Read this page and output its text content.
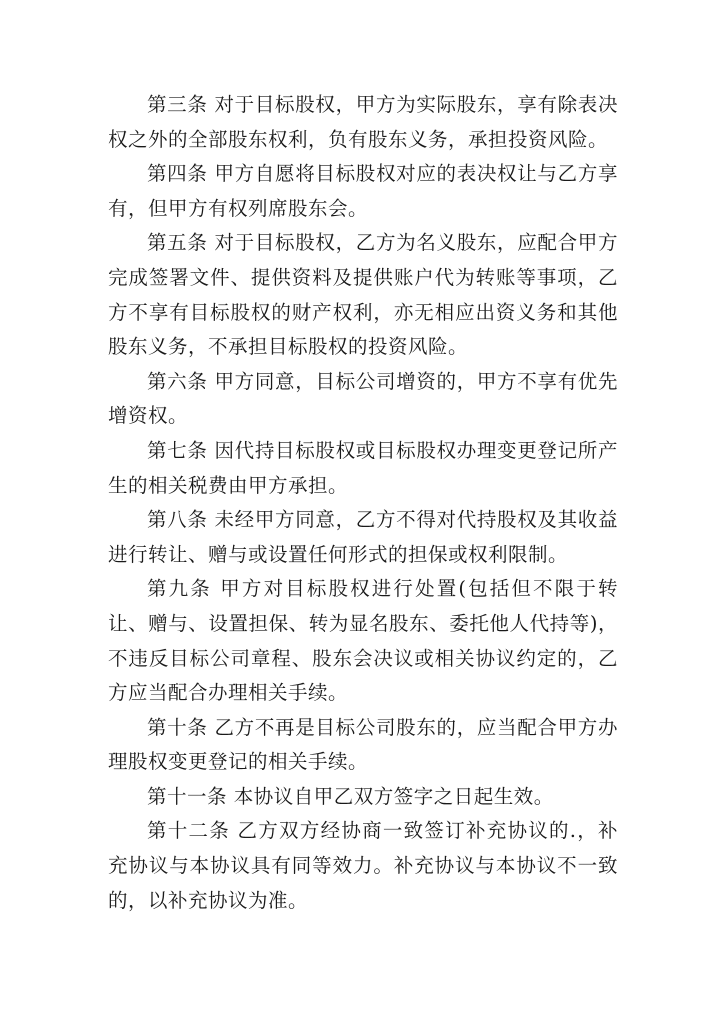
第三条 对于目标股权，甲方为实际股东，享有除表决权之外的全部股东权利，负有股东义务，承担投资风险。

第四条 甲方自愿将目标股权对应的表决权让与乙方享有，但甲方有权列席股东会。

第五条 对于目标股权，乙方为名义股东，应配合甲方完成签署文件、提供资料及提供账户代为转账等事项，乙方不享有目标股权的财产权利，亦无相应出资义务和其他股东义务，不承担目标股权的投资风险。

第六条 甲方同意，目标公司增资的，甲方不享有优先增资权。

第七条 因代持目标股权或目标股权办理变更登记所产生的相关税费由甲方承担。

第八条 未经甲方同意，乙方不得对代持股权及其收益进行转让、赠与或设置任何形式的担保或权利限制。

第九条 甲方对目标股权进行处置(包括但不限于转让、赠与、设置担保、转为显名股东、委托他人代持等)，不违反目标公司章程、股东会决议或相关协议约定的，乙方应当配合办理相关手续。

第十条 乙方不再是目标公司股东的，应当配合甲方办理股权变更登记的相关手续。

第十一条 本协议自甲乙双方签字之日起生效。

第十二条 乙方双方经协商一致签订补充协议的.，补充协议与本协议具有同等效力。补充协议与本协议不一致的，以补充协议为准。
